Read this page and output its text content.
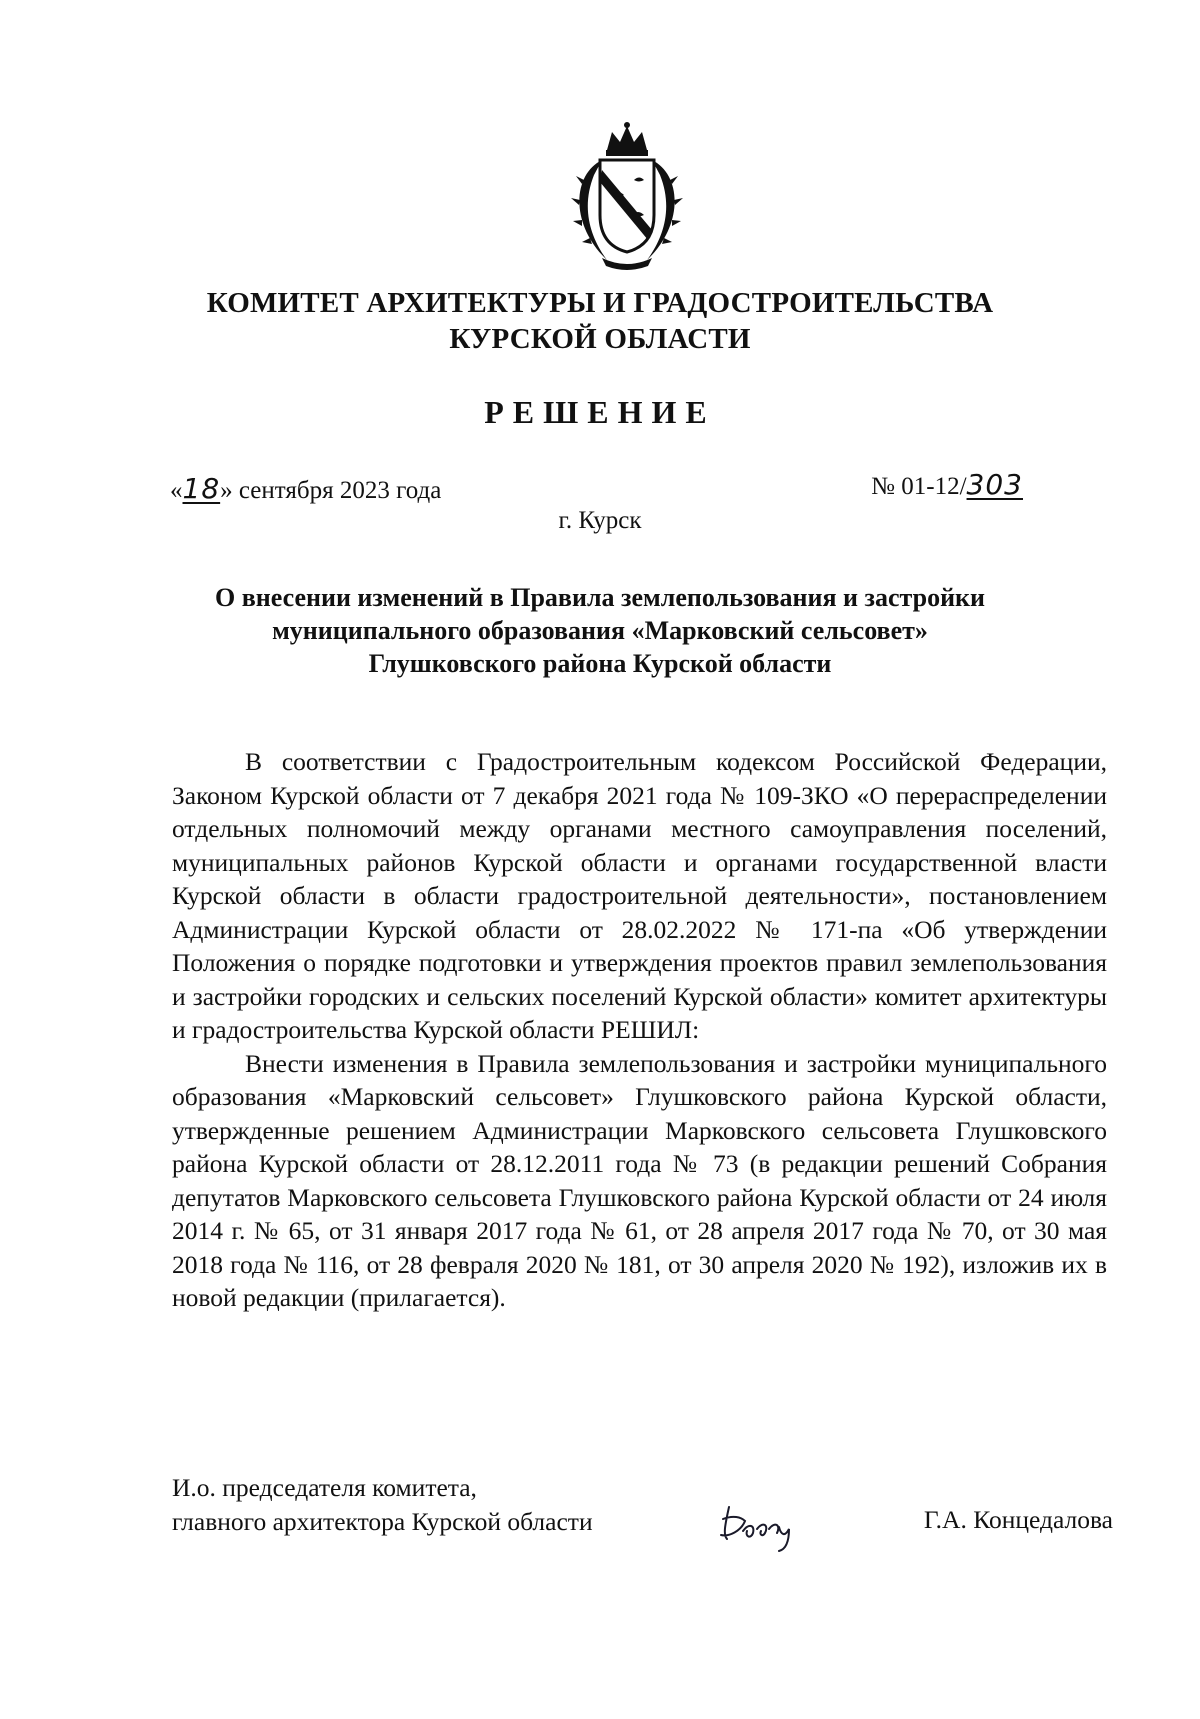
КОМИТЕТ АРХИТЕКТУРЫ И ГРАДОСТРОИТЕЛЬСТВА
КУРСКОЙ ОБЛАСТИ
РЕШЕНИЕ
«18» сентября 2023 года	№ 01-12/303
г. Курск
О внесении изменений в Правила землепользования и застройки
муниципального образования «Марковский сельсовет»
Глушковского района Курской области

В соответствии с Градостроительным кодексом Российской Федерации, Законом Курской области от 7 декабря 2021 года № 109-ЗКО «О перераспределении отдельных полномочий между органами местного самоуправления поселений, муниципальных районов Курской области и органами государственной власти Курской области в области градостроительной деятельности», постановлением Администрации Курской области от 28.02.2022 № 171-па «Об утверждении Положения о порядке подготовки и утверждения проектов правил землепользования и застройки городских и сельских поселений Курской области» комитет архитектуры и градостроительства Курской области РЕШИЛ:

Внести изменения в Правила землепользования и застройки муниципального образования «Марковский сельсовет» Глушковского района Курской области, утвержденные решением Администрации Марковского сельсовета Глушковского района Курской области от 28.12.2011 года № 73 (в редакции решений Собрания депутатов Марковского сельсовета Глушковского района Курской области от 24 июля 2014 г. № 65, от 31 января 2017 года № 61, от 28 апреля 2017 года № 70, от 30 мая 2018 года № 116, от 28 февраля 2020 № 181, от 30 апреля 2020 № 192), изложив их в новой редакции (прилагается).

И.о. председателя комитета,
главного архитектора Курской области	Г.А. Концедалова
